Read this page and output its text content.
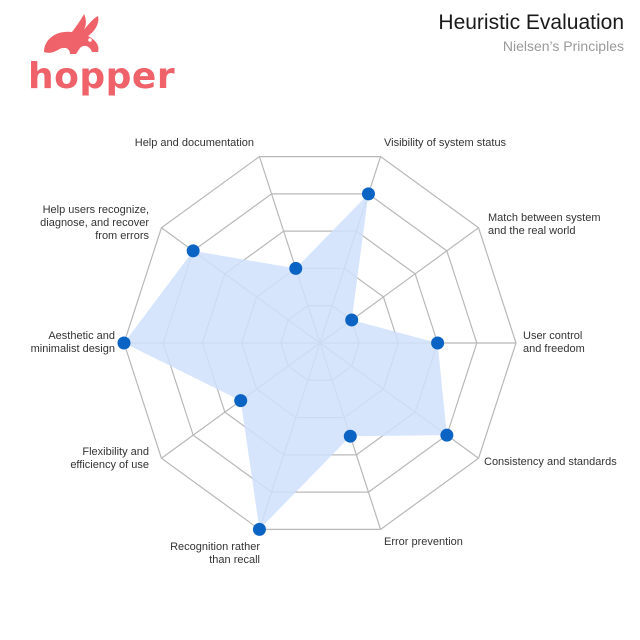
hopper
Heuristic Evaluation
Nielsen’s Principles
Visibility of system status
Match between system and the real world
User control and freedom
Consistency and standards
Error prevention
Recognition rather than recall
Flexibility and efficiency of use
Aesthetic and minimalist design
Help users recognize, diagnose, and recover from errors
Help and documentation
